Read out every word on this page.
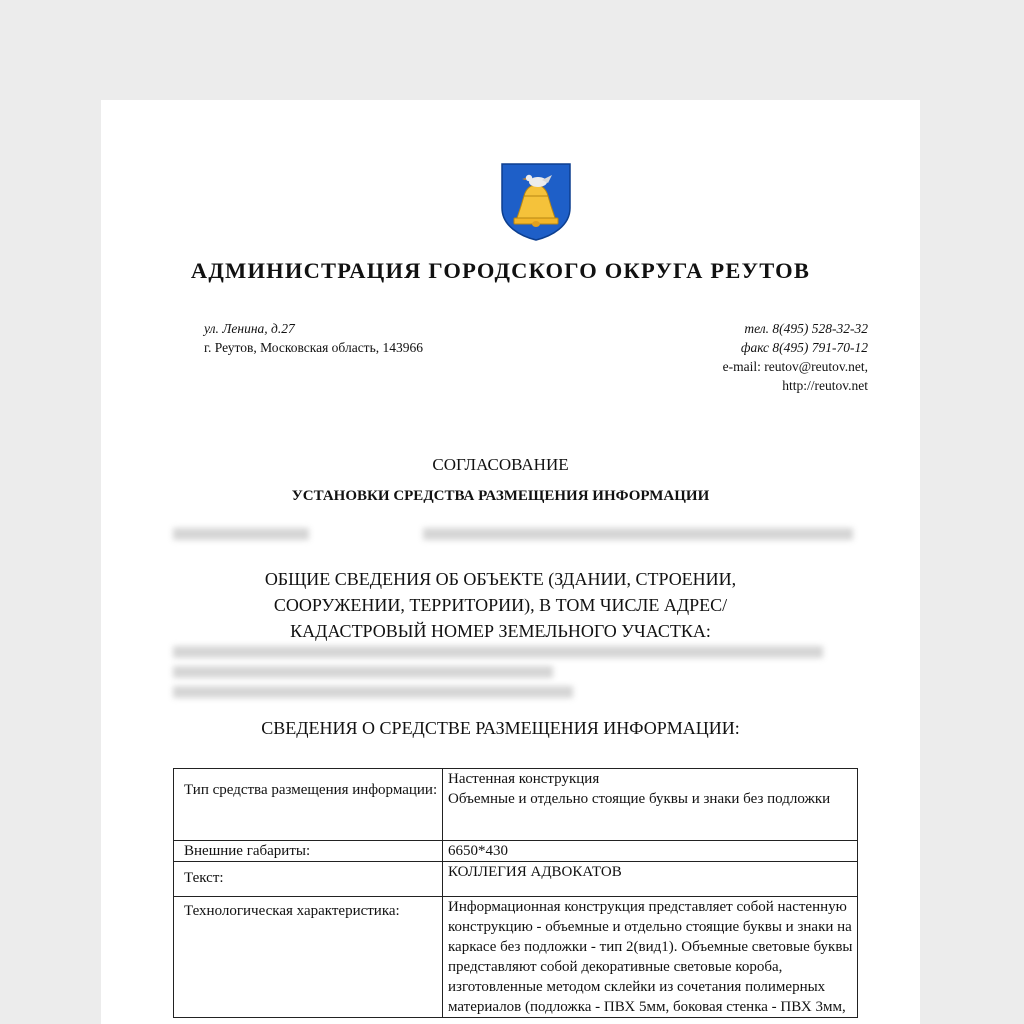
АДМИНИСТРАЦИЯ ГОРОДСКОГО ОКРУГА РЕУТОВ
ул. Ленина, д.27
г. Реутов, Московская область, 143966
тел. 8(495) 528-32-32
факс 8(495) 791-70-12
e-mail: reutov@reutov.net,
http://reutov.net
СОГЛАСОВАНИЕ
УСТАНОВКИ СРЕДСТВА РАЗМЕЩЕНИЯ ИНФОРМАЦИИ
ОБЩИЕ СВЕДЕНИЯ ОБ ОБЪЕКТЕ (ЗДАНИИ, СТРОЕНИИ,
СООРУЖЕНИИ, ТЕРРИТОРИИ), В ТОМ ЧИСЛЕ АДРЕС/
КАДАСТРОВЫЙ НОМЕР ЗЕМЕЛЬНОГО УЧАСТКА:
СВЕДЕНИЯ О СРЕДСТВЕ РАЗМЕЩЕНИЯ ИНФОРМАЦИИ:
Тип средства размещения информации:	Настенная конструкция
Объемные и отдельно стоящие буквы и знаки без подложки

Внешние габариты:	6650*430

Текст:	КОЛЛЕГИЯ АДВОКАТОВ

Технологическая характеристика:	Информационная конструкция представляет собой настенную конструкцию - объемные и отдельно стоящие буквы и знаки на каркасе без подложки - тип 2(вид1). Объемные световые буквы представляют собой декоративные световые короба, изготовленные методом склейки из сочетания полимерных материалов (подложка - ПВХ 5мм, боковая стенка - ПВХ 3мм,
